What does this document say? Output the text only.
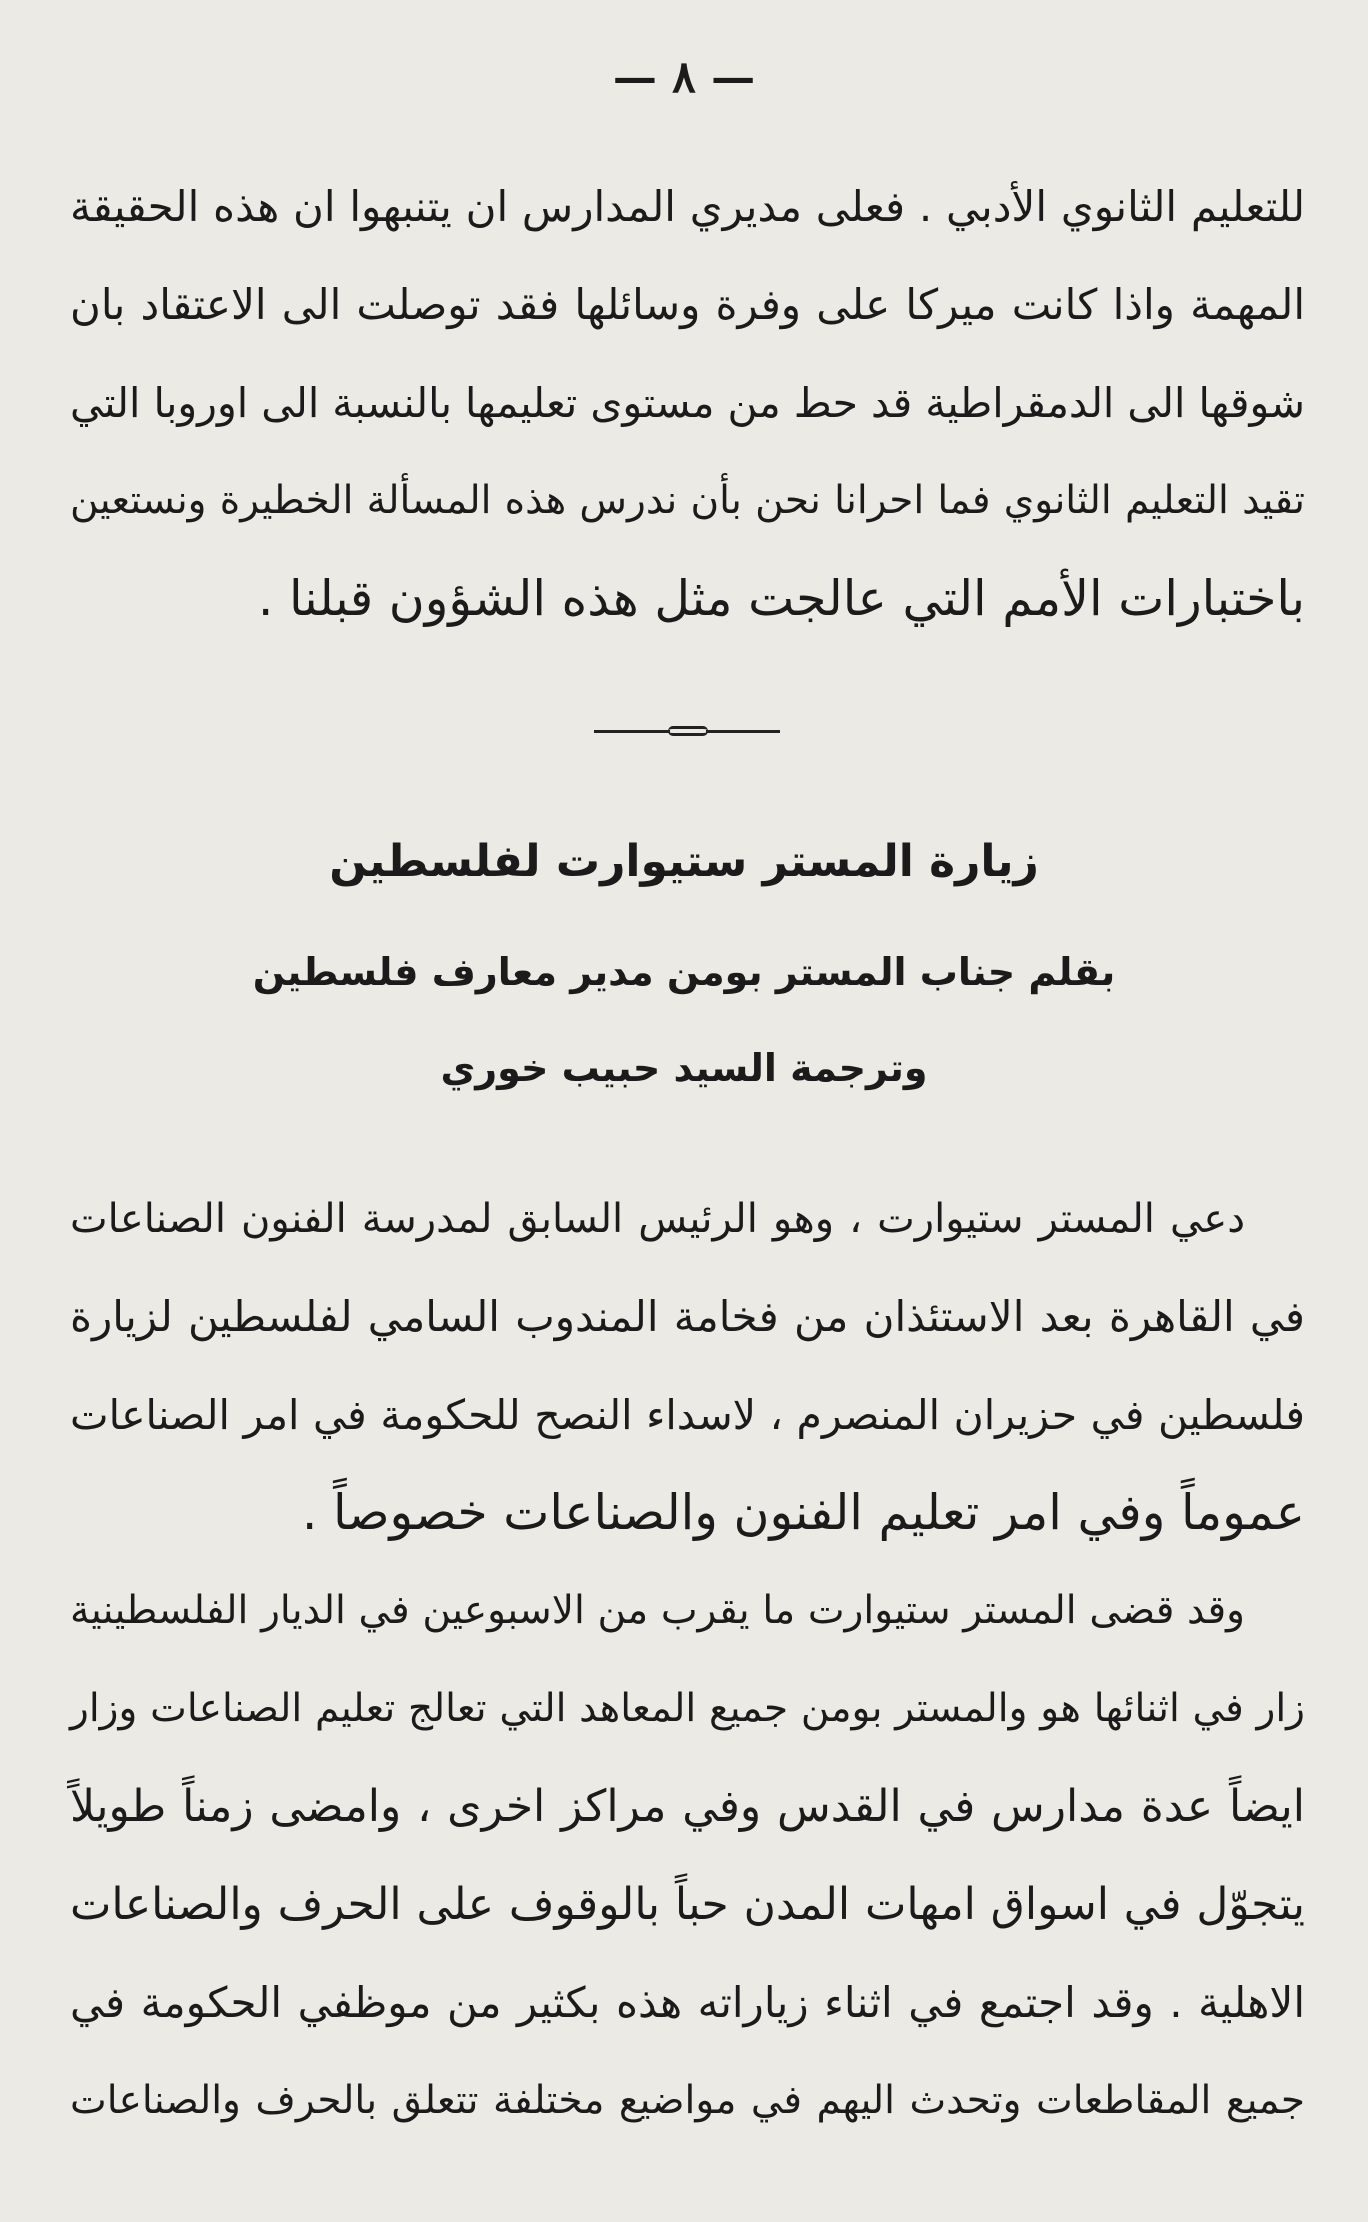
— ٨ —
للتعليم الثانوي الأدبي . فعلى مديري المدارس ان يتنبهوا ان هذه الحقيقة
المهمة واذا كانت ميركا على وفرة وسائلها فقد توصلت الى الاعتقاد بان
شوقها الى الدمقراطية قد حط من مستوى تعليمها بالنسبة الى اوروبا التي
تقيد التعليم الثانوي فما احرانا نحن بأن ندرس هذه المسألة الخطيرة ونستعين
باختبارات الأمم التي عالجت مثل هذه الشؤون قبلنا .
زيارة المستر ستيوارت لفلسطين
بقلم جناب المستر بومن مدير معارف فلسطين
وترجمة السيد حبيب خوري
دعي المستر ستيوارت ، وهو الرئيس السابق لمدرسة الفنون الصناعات
في القاهرة بعد الاستئذان من فخامة المندوب السامي لفلسطين لزيارة
فلسطين في حزيران المنصرم ، لاسداء النصح للحكومة في امر الصناعات
عموماً وفي امر تعليم الفنون والصناعات خصوصاً .
وقد قضى المستر ستيوارت ما يقرب من الاسبوعين في الديار الفلسطينية
زار في اثنائها هو والمستر بومن جميع المعاهد التي تعالج تعليم الصناعات وزار
ايضاً عدة مدارس في القدس وفي مراكز اخرى ، وامضى زمناً طويلاً
يتجوّل في اسواق امهات المدن حباً بالوقوف على الحرف والصناعات
الاهلية . وقد اجتمع في اثناء زياراته هذه بكثير من موظفي الحكومة في
جميع المقاطعات وتحدث اليهم في مواضيع مختلفة تتعلق بالحرف والصناعات
